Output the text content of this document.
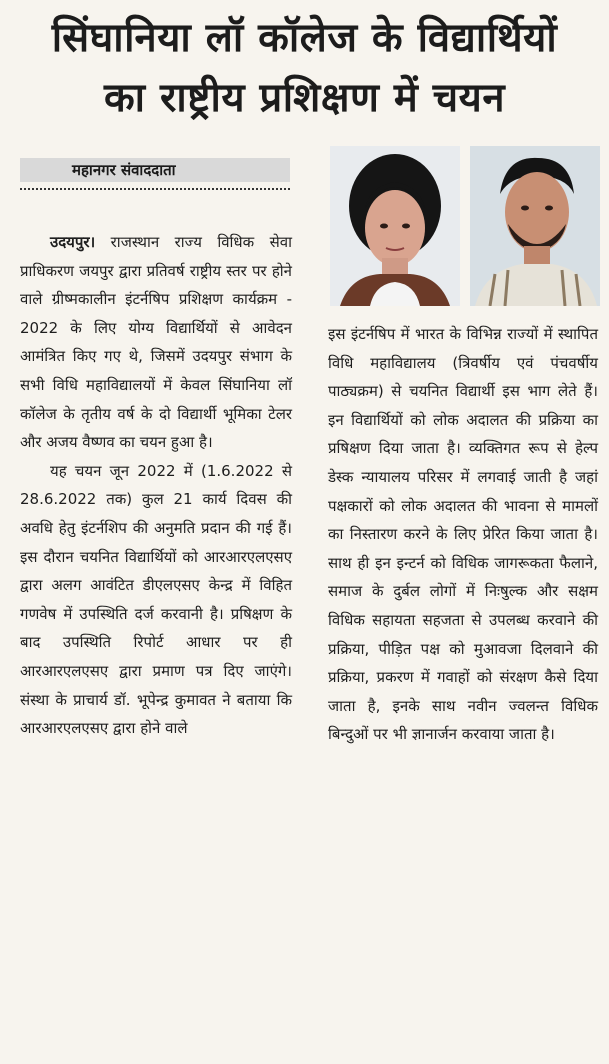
सिंघानिया लॉ कॉलेज के विद्यार्थियों
का राष्ट्रीय प्रशिक्षण में चयन
महानगर संवाददाता

उदयपुर। राजस्थान राज्य विधिक सेवा प्राधिकरण जयपुर द्वारा प्रतिवर्ष राष्ट्रीय स्तर पर होने वाले ग्रीष्मकालीन इंटर्नषिप प्रशिक्षण कार्यक्रम - 2022 के लिए योग्य विद्यार्थियों से आवेदन आमंत्रित किए गए थे, जिसमें उदयपुर संभाग के सभी विधि महाविद्यालयों में केवल सिंघानिया लॉ कॉलेज के तृतीय वर्ष के दो विद्यार्थी भूमिका टेलर और अजय वैष्णव का चयन हुआ है।

यह चयन जून 2022 में (1.6.2022 से 28.6.2022 तक) कुल 21 कार्य दिवस की अवधि हेतु इंटर्नशिप की अनुमति प्रदान की गई हैं। इस दौरान चयनित विद्यार्थियों को आरआरएलएसए द्वारा अलग आवंटित डीएलएसए केन्द्र में विहित गणवेष में उपस्थिति दर्ज करवानी है। प्रषिक्षण के बाद उपस्थिति रिपोर्ट आधार पर ही आरआरएलएसए द्वारा प्रमाण पत्र दिए जाएंगे। संस्था के प्राचार्य डॉ. भूपेन्द्र कुमावत ने बताया कि आरआरएलएसए द्वारा होने वाले

इस इंटर्नषिप में भारत के विभिन्न राज्यों में स्थापित विधि महाविद्यालय (त्रिवर्षीय एवं पंचवर्षीय पाठ्यक्रम) से चयनित विद्यार्थी इस भाग लेते हैं। इन विद्यार्थियों को लोक अदालत की प्रक्रिया का प्रषिक्षण दिया जाता है। व्यक्तिगत रूप से हेल्प डेस्क न्यायालय परिसर में लगवाई जाती है जहां पक्षकारों को लोक अदालत की भावना से मामलों का निस्तारण करने के लिए प्रेरित किया जाता है। साथ ही इन इन्टर्न को विधिक जागरूकता फैलाने, समाज के दुर्बल लोगों में निःषुल्क और सक्षम विधिक सहायता सहजता से उपलब्ध करवाने की प्रक्रिया, पीड़ित पक्ष को मुआवजा दिलवाने की प्रक्रिया, प्रकरण में गवाहों को संरक्षण कैसे दिया जाता है, इनके साथ नवीन ज्वलन्त विधिक बिन्दुओं पर भी ज्ञानार्जन करवाया जाता है।
